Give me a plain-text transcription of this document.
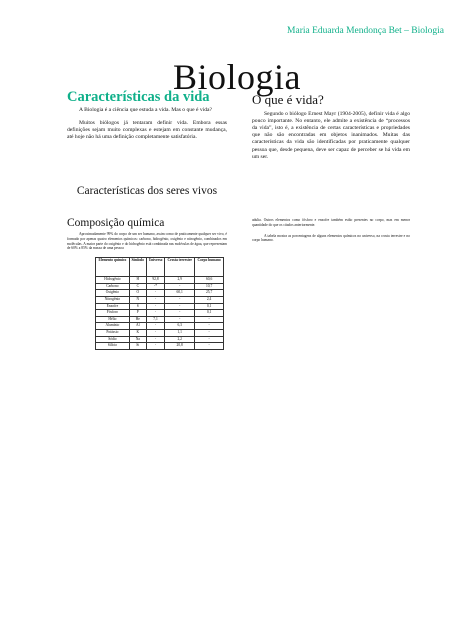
Maria Eduarda Mendonça Bet – Biologia
Biologia
Características da vida

A Biologia é a ciência que estuda a vida. Mas o que é vida?

Muitos biólogos já tentaram definir vida. Embora essas definições sejam muito complexas e estejam em constante mudança, até hoje não há uma definição completamente satisfatória.

Características dos seres vivos
Composição química

Aproximadamente 99% do corpo de um ser humano, assim como de praticamente qualquer ser vivo, é formado por apenas quatro elementos químicos: carbono, hidrogênio, oxigênio e nitrogênio, combinados em moléculas. A maior parte do oxigênio e do hidrogênio está combinada nas moléculas de água, que representam de 60% a 85% da massa de uma pessoa

Elemento químico	Símbolo	Universo	Crosta terrestre	Corpo humano
Hidrogênio	H	92,8	2,9	60,6
Carbono	C	-*	-	10,7
Oxigênio	O	-	60,1	25,7
Nitrogênio	N	-	-	2,4
Enxofre	S	-	-	0,1
Fósforo	P	-	-	0,1
Hélio	He	7,1	-	-
Alumínio	Al	-	6,3	-
Potássio	K	-	1,1	-
Sódio	Na	-	2,2	-
Silício	Si	-	20,8	-
O que é vida?

Segundo o biólogo Ernest Mayr (1904-2005), definir vida é algo pouco importante. No entanto, ele admite a existência de “processos da vida”, isto é, a existência de certas características e propriedades que não são encontradas em objetos inanimados. Muitas das características da vida são identificadas por praticamente qualquer pessoa que, desde pequena, deve ser capaz de perceber se há vida em um ser.

adulta. Outros elementos como fósforo e enxofre também estão presentes no corpo, mas em menor quantidade do que os citados anteriormente.

A tabela mostra as porcentagens de alguns elementos químicos no universo, na crosta terrestre e no corpo humano.
